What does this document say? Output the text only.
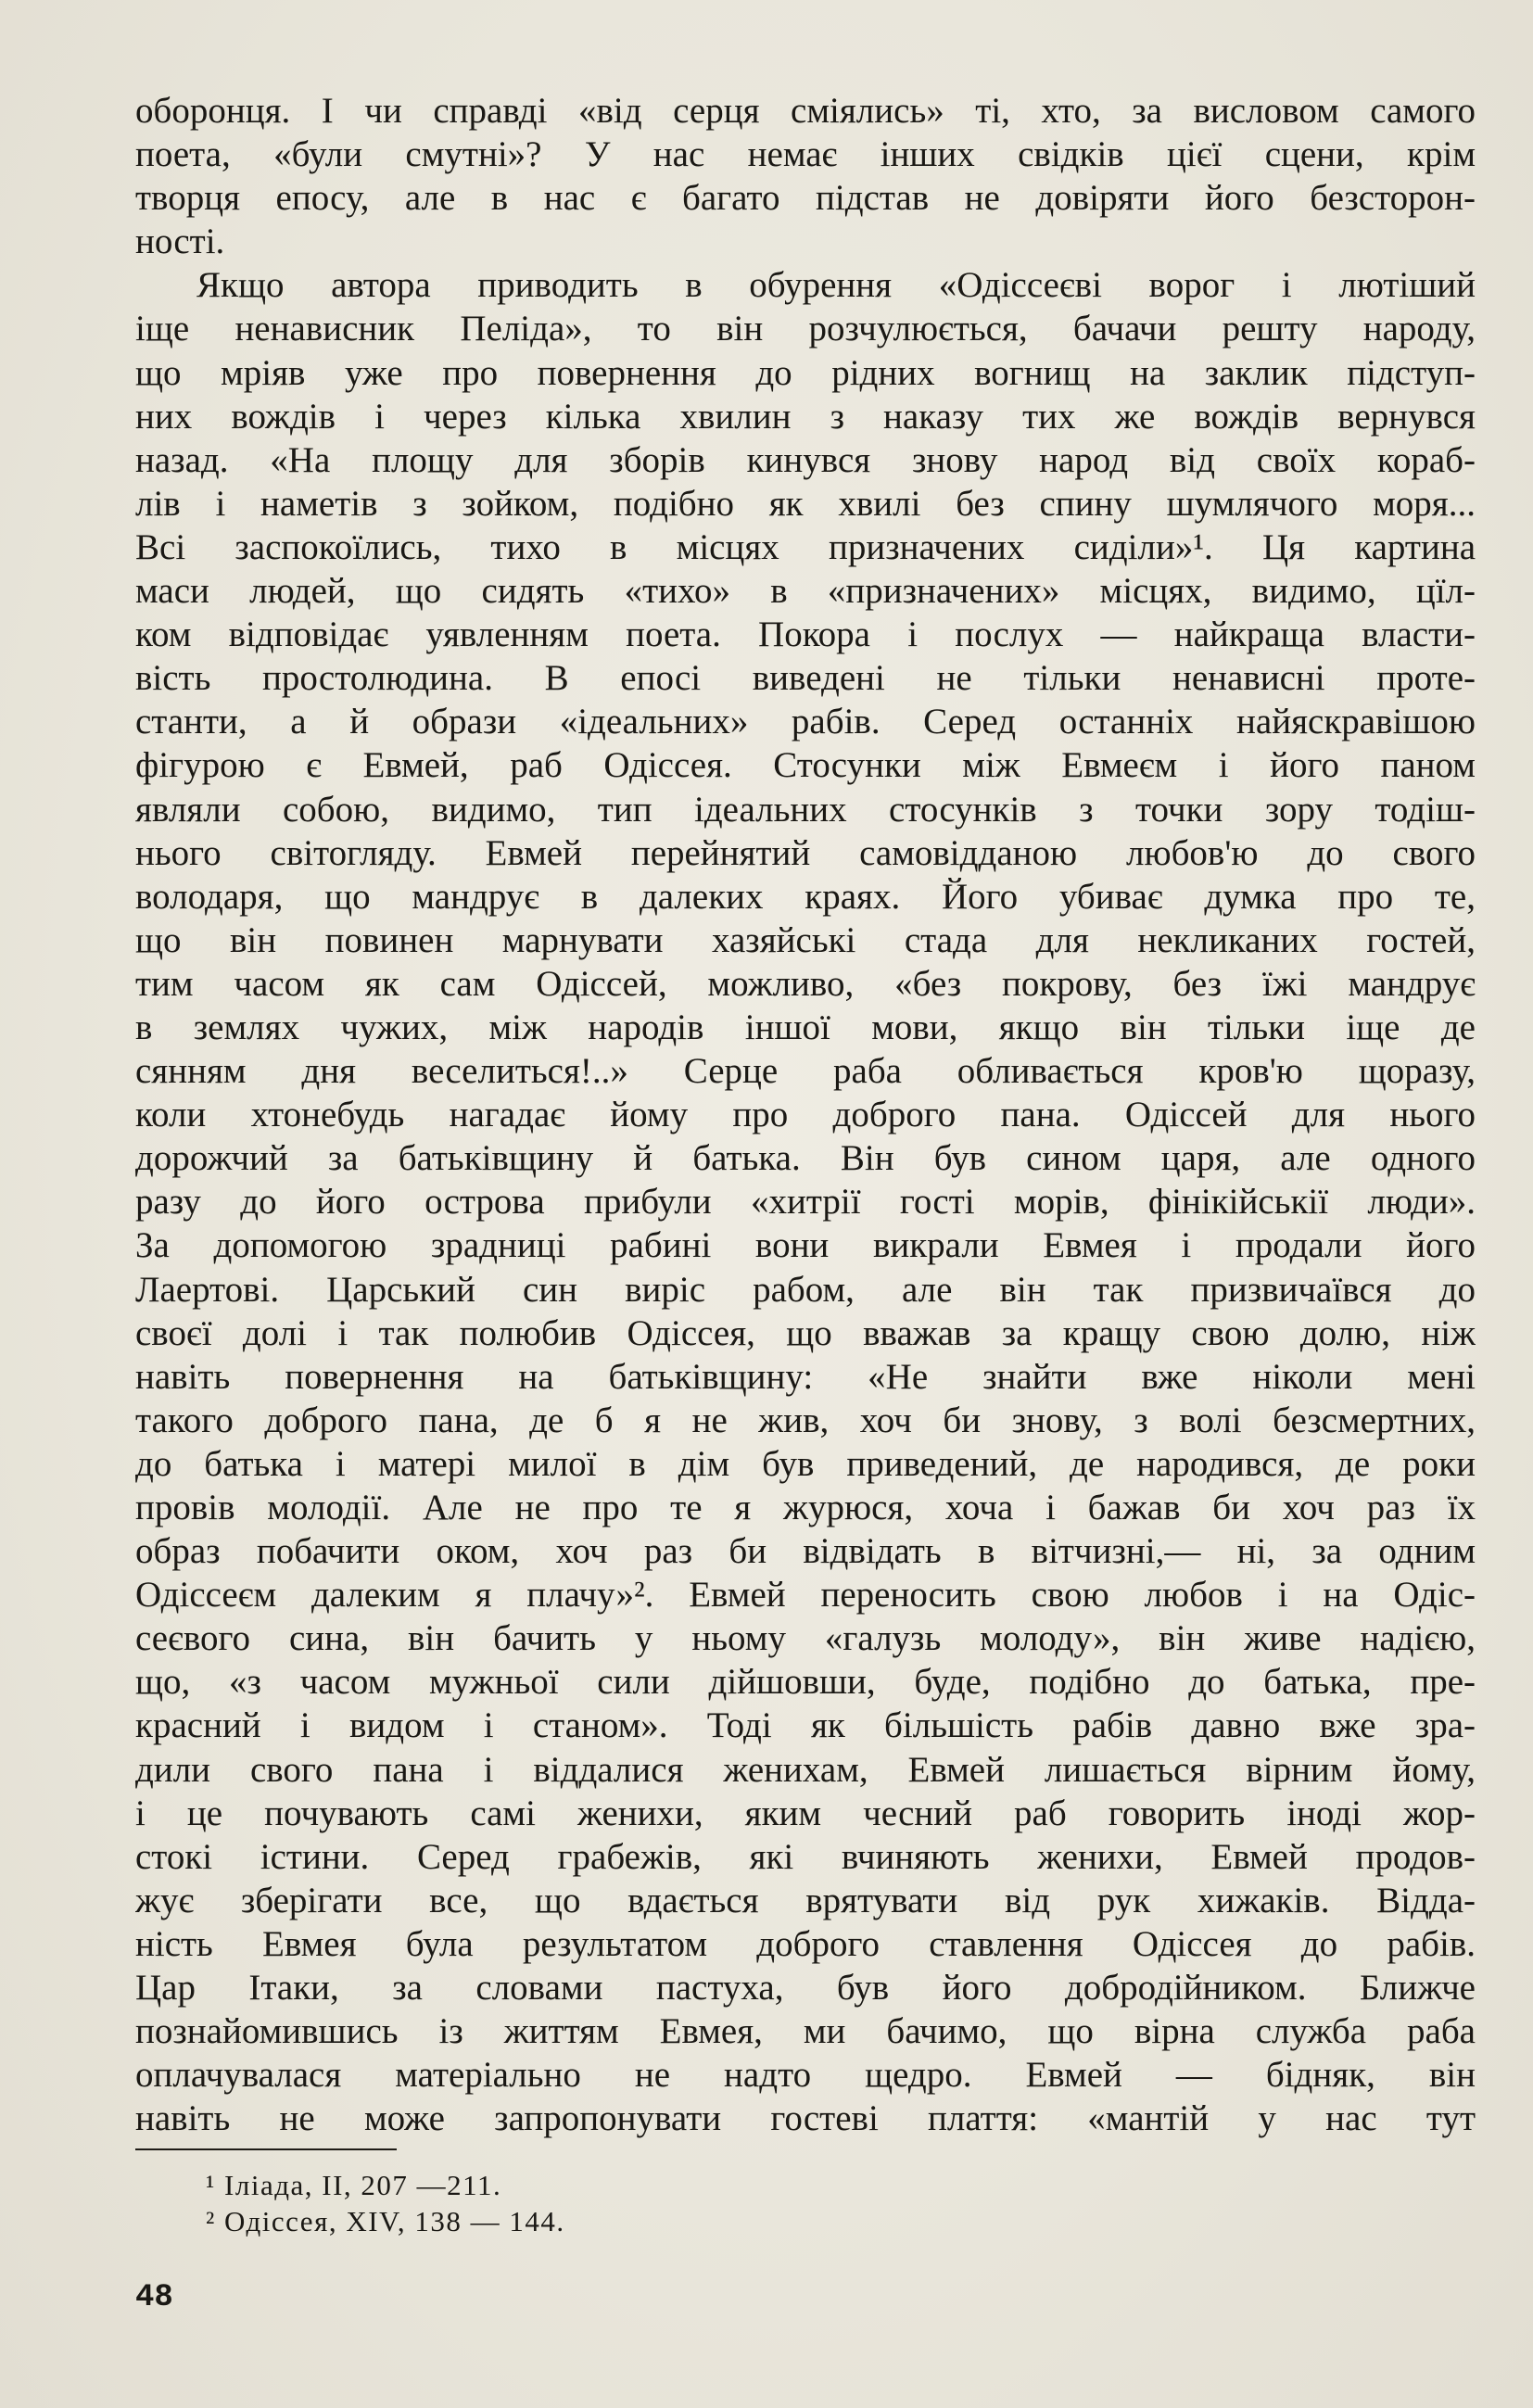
оборонця. І чи справді «від серця сміялись» ті, хто, за висловом самого
поета, «були смутні»? У нас немає інших свідків цієї сцени, крім
творця епосу, але в нас є багато підстав не довіряти його безсторон-
ності.
Якщо автора приводить в обурення «Одіссеєві ворог і лютіший
іще ненависник Пеліда», то він розчулюється, бачачи решту народу,
що мріяв уже про повернення до рідних вогнищ на заклик підступ-
них вождів і через кілька хвилин з наказу тих же вождів вернувся
назад. «На площу для зборів кинувся знову народ від своїх кораб-
лів і наметів з зойком, подібно як хвилі без спину шумлячого моря...
Всі заспокоїлись, тихо в місцях призначених сиділи»¹. Ця картина
маси людей, що сидять «тихо» в «призначених» місцях, видимо, цїл-
ком відповідає уявленням поета. Покора і послух — найкраща власти-
вість простолюдина. В епосі виведені не тільки ненависні проте-
станти, а й образи «ідеальних» рабів. Серед останніх найяскравішою
фігурою є Евмей, раб Одіссея. Стосунки між Евмеєм і його паном
являли собою, видимо, тип ідеальних стосунків з точки зору тодіш-
нього світогляду. Евмей перейнятий самовідданою любов'ю до свого
володаря, що мандрує в далеких краях. Його убиває думка про те,
що він повинен марнувати хазяйські стада для некликаних гостей,
тим часом як сам Одіссей, можливо, «без покрову, без їжі мандрує
в землях чужих, між народів іншої мови, якщо він тільки іще де
сянням дня веселиться!..» Серце раба обливається кров'ю щоразу,
коли хтонебудь нагадає йому про доброго пана. Одіссей для нього
дорожчий за батьківщину й батька. Він був сином царя, але одного
разу до його острова прибули «хитрії гості морів, фінікійськії люди».
За допомогою зрадниці рабині вони викрали Евмея і продали його
Лаертові. Царський син виріс рабом, але він так призвичаївся до
своєї долі і так полюбив Одіссея, що вважав за кращу свою долю, ніж
навіть повернення на батьківщину: «Не знайти вже ніколи мені
такого доброго пана, де б я не жив, хоч би знову, з волі безсмертних,
до батька і матері милої в дім був приведений, де народився, де роки
провів молодії. Але не про те я журюся, хоча і бажав би хоч раз їх
образ побачити оком, хоч раз би відвідать в вітчизні,— ні, за одним
Одіссеєм далеким я плачу»². Евмей переносить свою любов і на Одіс-
сеєвого сина, він бачить у ньому «галузь молоду», він живе надією,
що, «з часом мужньої сили дійшовши, буде, подібно до батька, пре-
красний і видом і станом». Тоді як більшість рабів давно вже зра-
дили свого пана і віддалися женихам, Евмей лишається вірним йому,
і це почувають самі женихи, яким чесний раб говорить іноді жор-
стокі істини. Серед грабежів, які вчиняють женихи, Евмей продов-
жує зберігати все, що вдається врятувати від рук хижаків. Відда-
ність Евмея була результатом доброго ставлення Одіссея до рабів.
Цар Ітаки, за словами пастуха, був його добродійником. Ближче
познайомившись із життям Евмея, ми бачимо, що вірна служба раба
оплачувалася матеріально не надто щедро. Евмей — бідняк, він
навіть не може запропонувати гостеві плаття: «мантій у нас тут
¹ Іліада, II, 207 —211.
² Одіссея, XIV, 138 — 144.
48
